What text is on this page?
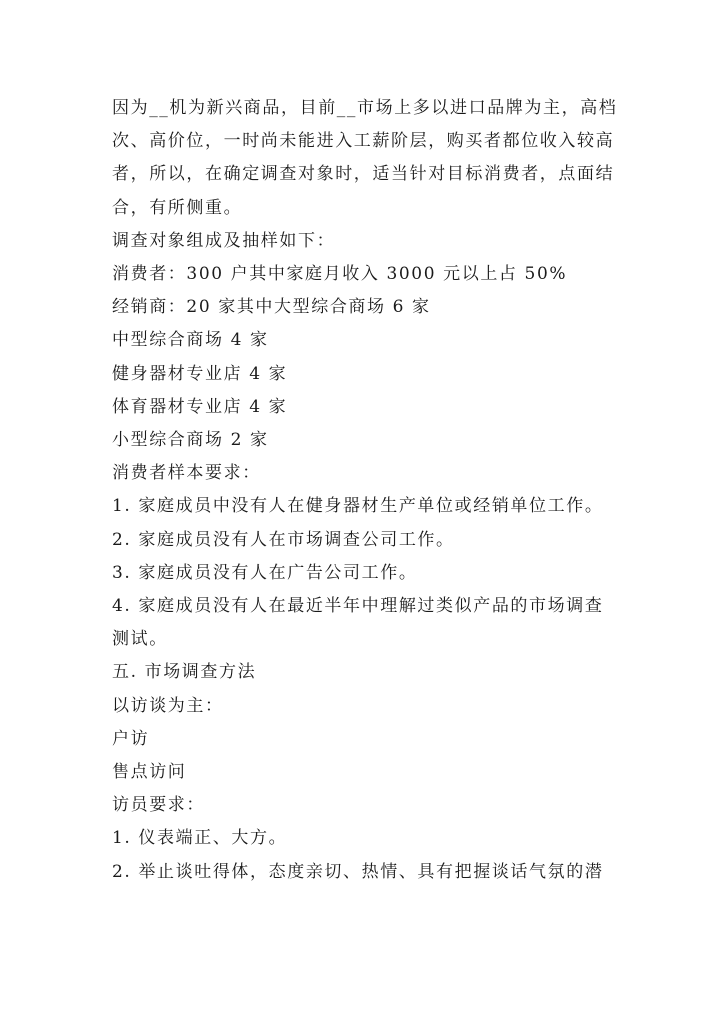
因为__机为新兴商品，目前__市场上多以进口品牌为主，高档次、高价位，一时尚未能进入工薪阶层，购买者都位收入较高者，所以，在确定调查对象时，适当针对目标消费者，点面结合，有所侧重。

调查对象组成及抽样如下：

消费者：300 户其中家庭月收入 3000 元以上占 50%

经销商：20 家其中大型综合商场 6 家

中型综合商场 4 家

健身器材专业店 4 家

体育器材专业店 4 家

小型综合商场 2 家

消费者样本要求：

1. 家庭成员中没有人在健身器材生产单位或经销单位工作。

2. 家庭成员没有人在市场调查公司工作。

3. 家庭成员没有人在广告公司工作。

4. 家庭成员没有人在最近半年中理解过类似产品的市场调查测试。

五. 市场调查方法

以访谈为主：

户访

售点访问

访员要求：

1. 仪表端正、大方。

2. 举止谈吐得体，态度亲切、热情、具有把握谈话气氛的潜
